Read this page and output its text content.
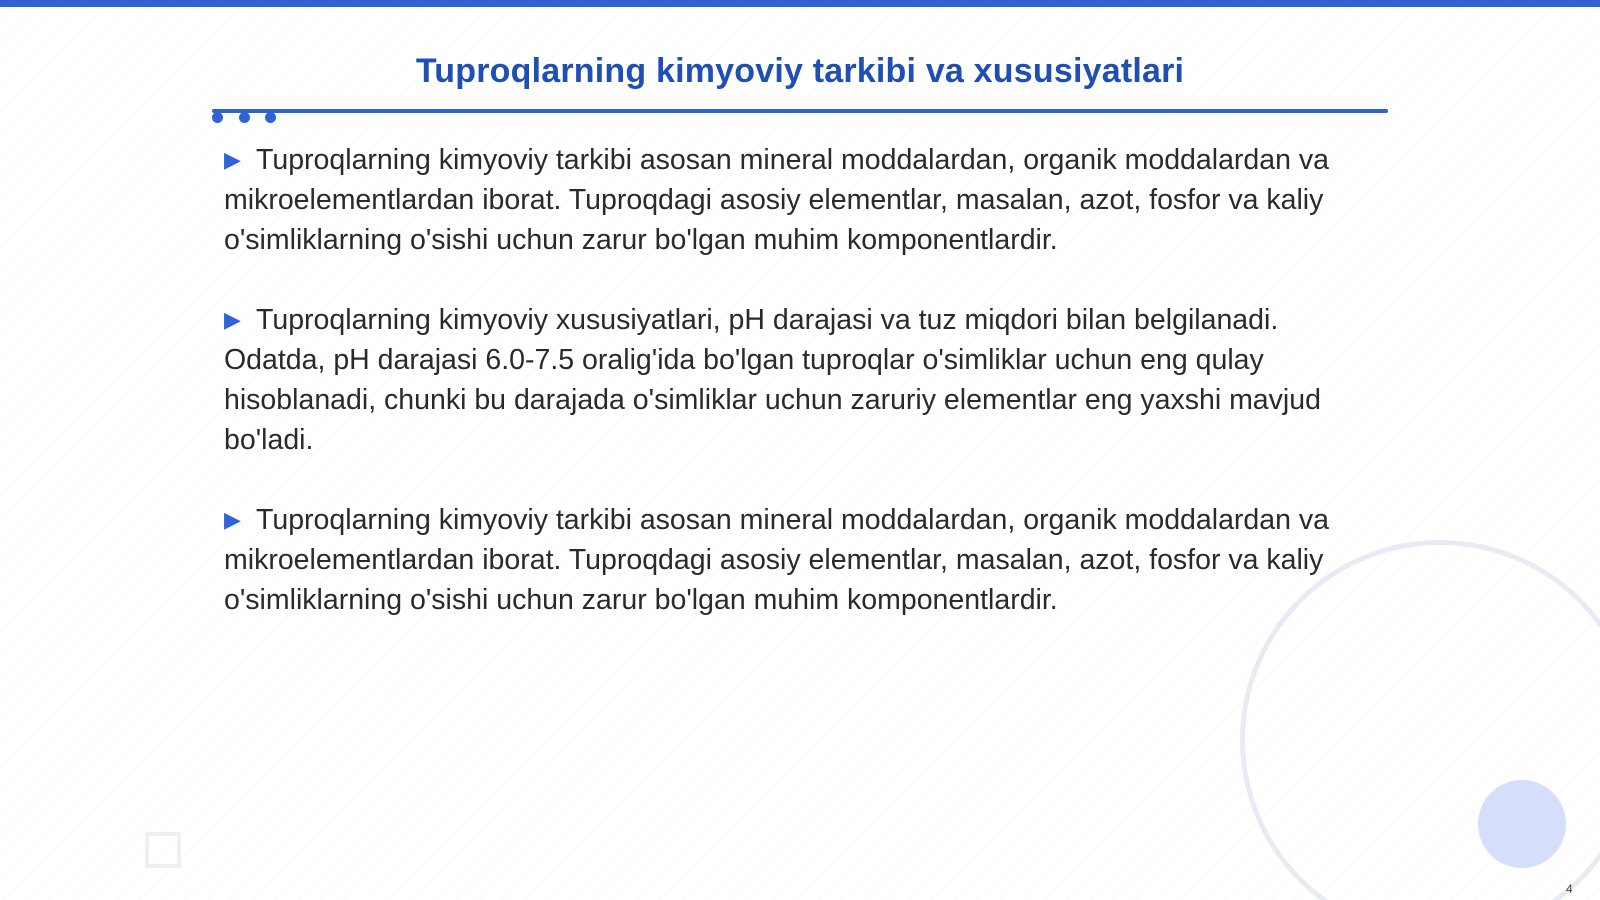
Tuproqlarning kimyoviy tarkibi va xususiyatlari

▶ Tuproqlarning kimyoviy tarkibi asosan mineral moddalardan, organik moddalardan va mikroelementlardan iborat. Tuproqdagi asosiy elementlar, masalan, azot, fosfor va kaliy o'simliklarning o'sishi uchun zarur bo'lgan muhim komponentlardir.

▶ Tuproqlarning kimyoviy xususiyatlari, pH darajasi va tuz miqdori bilan belgilanadi. Odatda, pH darajasi 6.0-7.5 oralig'ida bo'lgan tuproqlar o'simliklar uchun eng qulay hisoblanadi, chunki bu darajada o'simliklar uchun zaruriy elementlar eng yaxshi mavjud bo'ladi.

▶ Tuproqlarning kimyoviy tarkibi asosan mineral moddalardan, organik moddalardan va mikroelementlardan iborat. Tuproqdagi asosiy elementlar, masalan, azot, fosfor va kaliy o'simliklarning o'sishi uchun zarur bo'lgan muhim komponentlardir.

4
